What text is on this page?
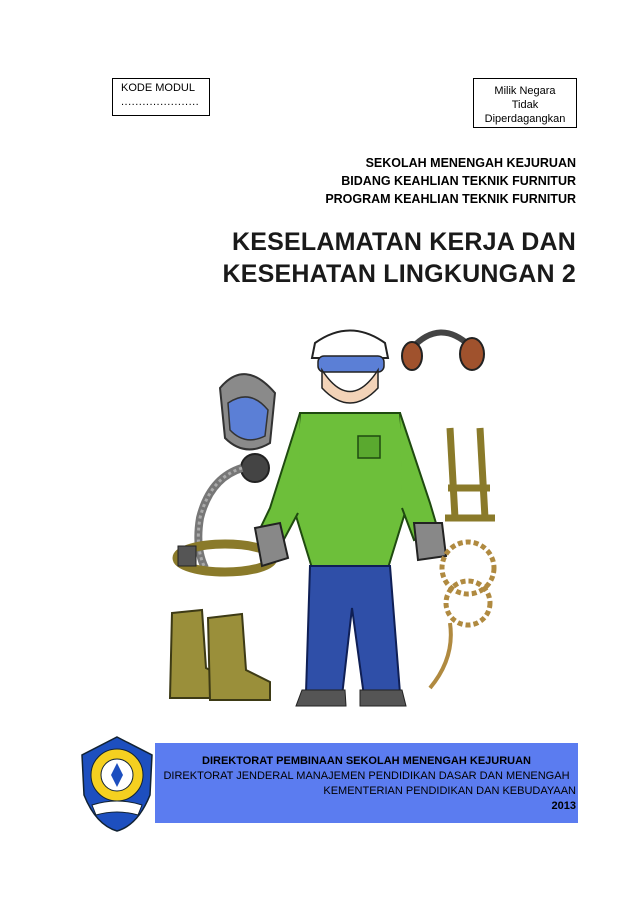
KODE MODUL
......................
Milik Negara
Tidak
Diperdagangkan
SEKOLAH MENENGAH KEJURUAN
BIDANG KEAHLIAN TEKNIK FURNITUR
PROGRAM KEAHLIAN TEKNIK FURNITUR
KESELAMATAN KERJA DAN
KESEHATAN LINGKUNGAN 2
DIREKTORAT PEMBINAAN SEKOLAH MENENGAH KEJURUAN
DIREKTORAT JENDERAL MANAJEMEN PENDIDIKAN DASAR DAN MENENGAH
KEMENTERIAN PENDIDIKAN DAN KEBUDAYAAN
2013
